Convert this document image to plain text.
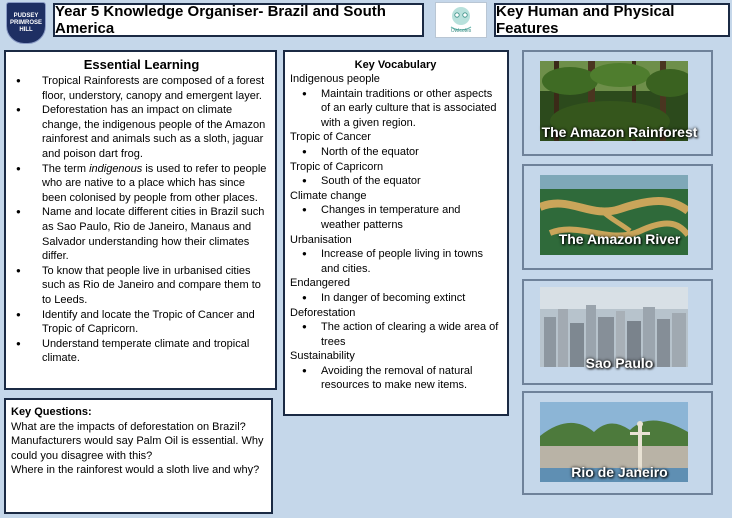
PUDSEY
PRIMROSE
HILL
Year 5 Knowledge Organiser- Brazil and South America	Owlcotes
Key Human and Physical Features
Essential Learning
● Tropical Rainforests are composed of a forest floor, understory, canopy and emergent layer.
● Deforestation has an impact on climate change, the indigenous people of the Amazon rainforest and animals such as a sloth, jaguar and poison dart frog.
● The term indigenous is used to refer to people who are native to a place which has since been colonised by people from other places.
● Name and locate different cities in Brazil such as Sao Paulo, Rio de Janeiro, Manaus and Salvador understanding how their climates differ.
● To know that people live in urbanised cities such as Rio de Janeiro and compare them to to Leeds.
● Identify and locate the Tropic of Cancer and Tropic of Capricorn.
● Understand temperate climate and tropical climate.
Key Questions:
What are the impacts of deforestation on Brazil?
Manufacturers would say Palm Oil is essential. Why could you disagree with this?
Where in the rainforest would a sloth live and why?
Key Vocabulary
Indigenous people
● Maintain traditions or other aspects of an early culture that is associated with a given region.
Tropic of Cancer
● North of the equator
Tropic of Capricorn
● South of the equator
Climate change
● Changes in temperature and weather patterns
Urbanisation
● Increase of people living in towns and cities.
Endangered
● In danger of becoming extinct
Deforestation
● The action of clearing a wide area of trees
Sustainability
● Avoiding the removal of natural resources to make new items.
The Amazon Rainforest
The Amazon River
Sao Paulo
Rio de Janeiro
